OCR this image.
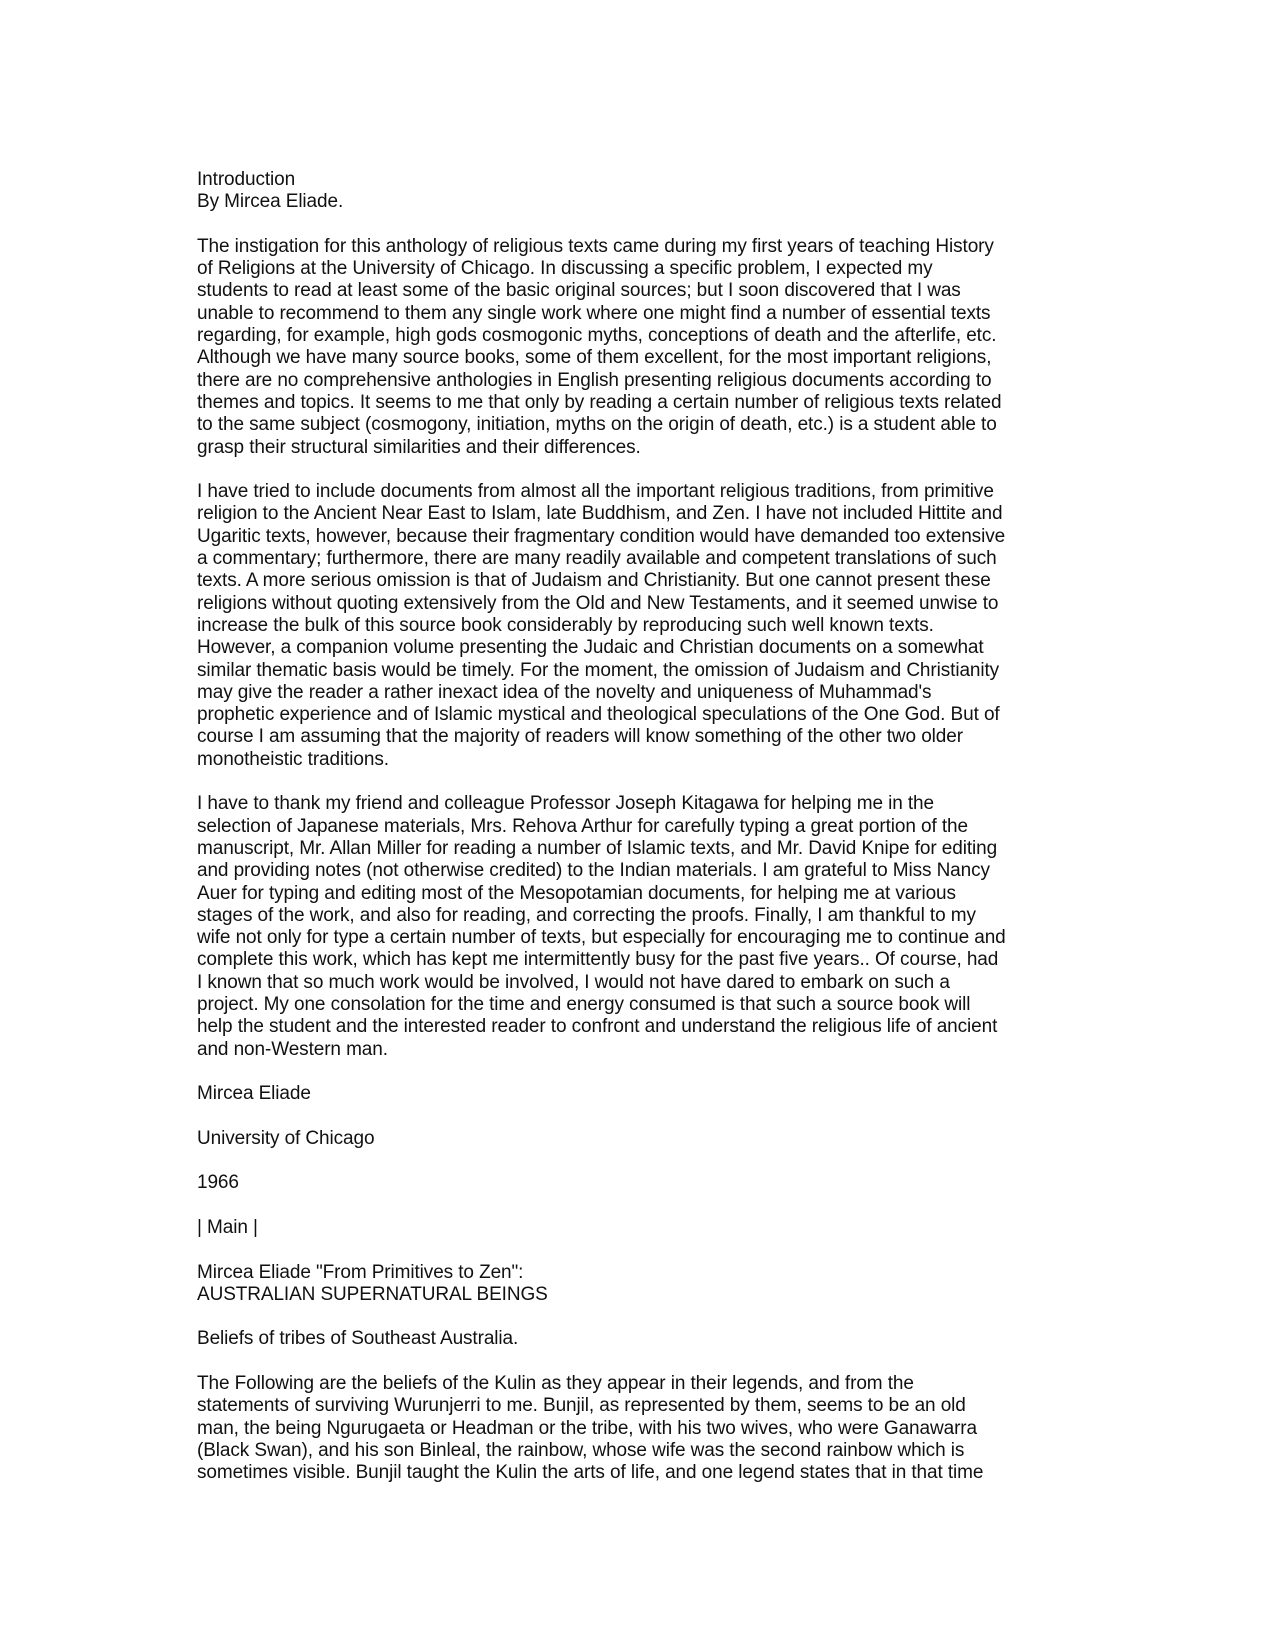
Introduction
By Mircea Eliade.
The instigation for this anthology of religious texts came during my first years of teaching History
of Religions at the University of Chicago. In discussing a specific problem, I expected my
students to read at least some of the basic original sources; but I soon discovered that I was
unable to recommend to them any single work where one might find a number of essential texts
regarding, for example, high gods cosmogonic myths, conceptions of death and the afterlife, etc.
Although we have many source books, some of them excellent, for the most important religions,
there are no comprehensive anthologies in English presenting religious documents according to
themes and topics. It seems to me that only by reading a certain number of religious texts related
to the same subject (cosmogony, initiation, myths on the origin of death, etc.) is a student able to
grasp their structural similarities and their differences.
I have tried to include documents from almost all the important religious traditions, from primitive
religion to the Ancient Near East to Islam, late Buddhism, and Zen. I have not included Hittite and
Ugaritic texts, however, because their fragmentary condition would have demanded too extensive
a commentary; furthermore, there are many readily available and competent translations of such
texts. A more serious omission is that of Judaism and Christianity. But one cannot present these
religions without quoting extensively from the Old and New Testaments, and it seemed unwise to
increase the bulk of this source book considerably by reproducing such well known texts.
However, a companion volume presenting the Judaic and Christian documents on a somewhat
similar thematic basis would be timely. For the moment, the omission of Judaism and Christianity
may give the reader a rather inexact idea of the novelty and uniqueness of Muhammad's
prophetic experience and of Islamic mystical and theological speculations of the One God. But of
course I am assuming that the majority of readers will know something of the other two older
monotheistic traditions.
I have to thank my friend and colleague Professor Joseph Kitagawa for helping me in the
selection of Japanese materials, Mrs. Rehova Arthur for carefully typing a great portion of the
manuscript, Mr. Allan Miller for reading a number of Islamic texts, and Mr. David Knipe for editing
and providing notes (not otherwise credited) to the Indian materials. I am grateful to Miss Nancy
Auer for typing and editing most of the Mesopotamian documents, for helping me at various
stages of the work, and also for reading, and correcting the proofs. Finally, I am thankful to my
wife not only for type a certain number of texts, but especially for encouraging me to continue and
complete this work, which has kept me intermittently busy for the past five years.. Of course, had
I known that so much work would be involved, I would not have dared to embark on such a
project. My one consolation for the time and energy consumed is that such a source book will
help the student and the interested reader to confront and understand the religious life of ancient
and non-Western man.
Mircea Eliade
University of Chicago
1966
| Main |
Mircea Eliade "From Primitives to Zen":
AUSTRALIAN SUPERNATURAL BEINGS
Beliefs of tribes of Southeast Australia.
The Following are the beliefs of the Kulin as they appear in their legends, and from the
statements of surviving Wurunjerri to me. Bunjil, as represented by them, seems to be an old
man, the being Ngurugaeta or Headman or the tribe, with his two wives, who were Ganawarra
(Black Swan), and his son Binleal, the rainbow, whose wife was the second rainbow which is
sometimes visible. Bunjil taught the Kulin the arts of life, and one legend states that in that time
